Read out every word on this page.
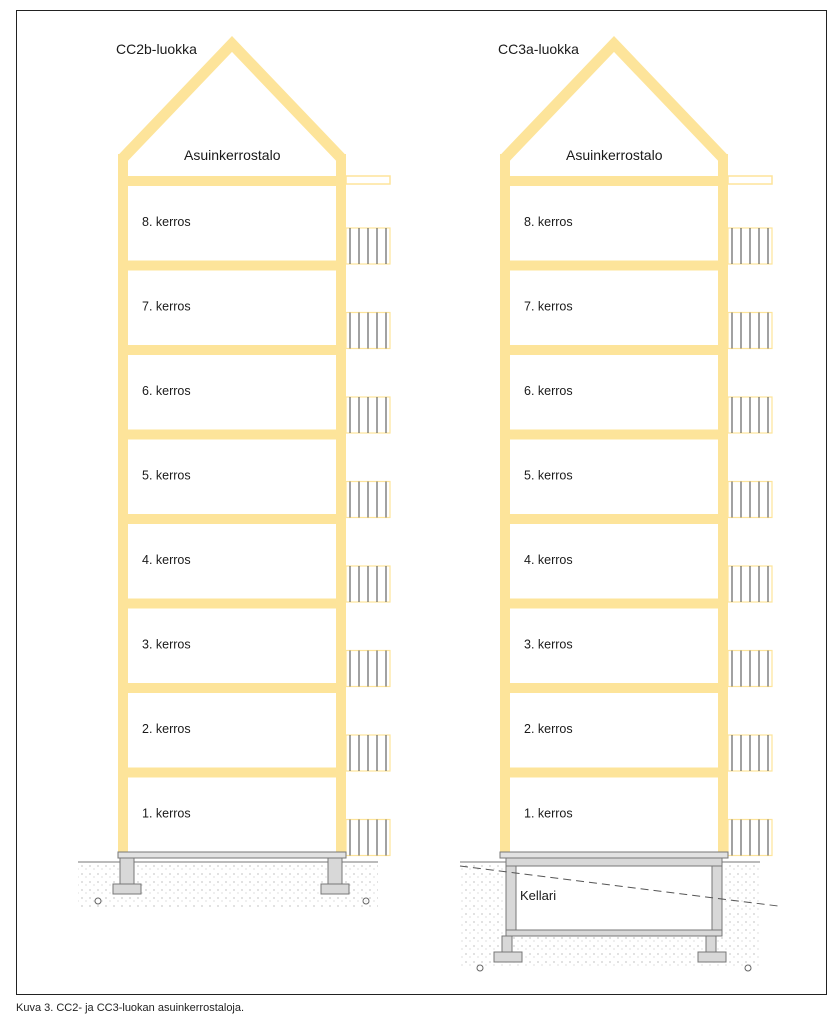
8. kerros
7. kerros
6. kerros
5. kerros
4. kerros
3. kerros
2. kerros
1. kerros
CC2b-luokka
Asuinkerrostalo
8. kerros
7. kerros
6. kerros
5. kerros
4. kerros
3. kerros
2. kerros
1. kerros
CC3a-luokka
Asuinkerrostalo
Kellari
Kuva 3. CC2- ja CC3-luokan asuinkerrostaloja.
